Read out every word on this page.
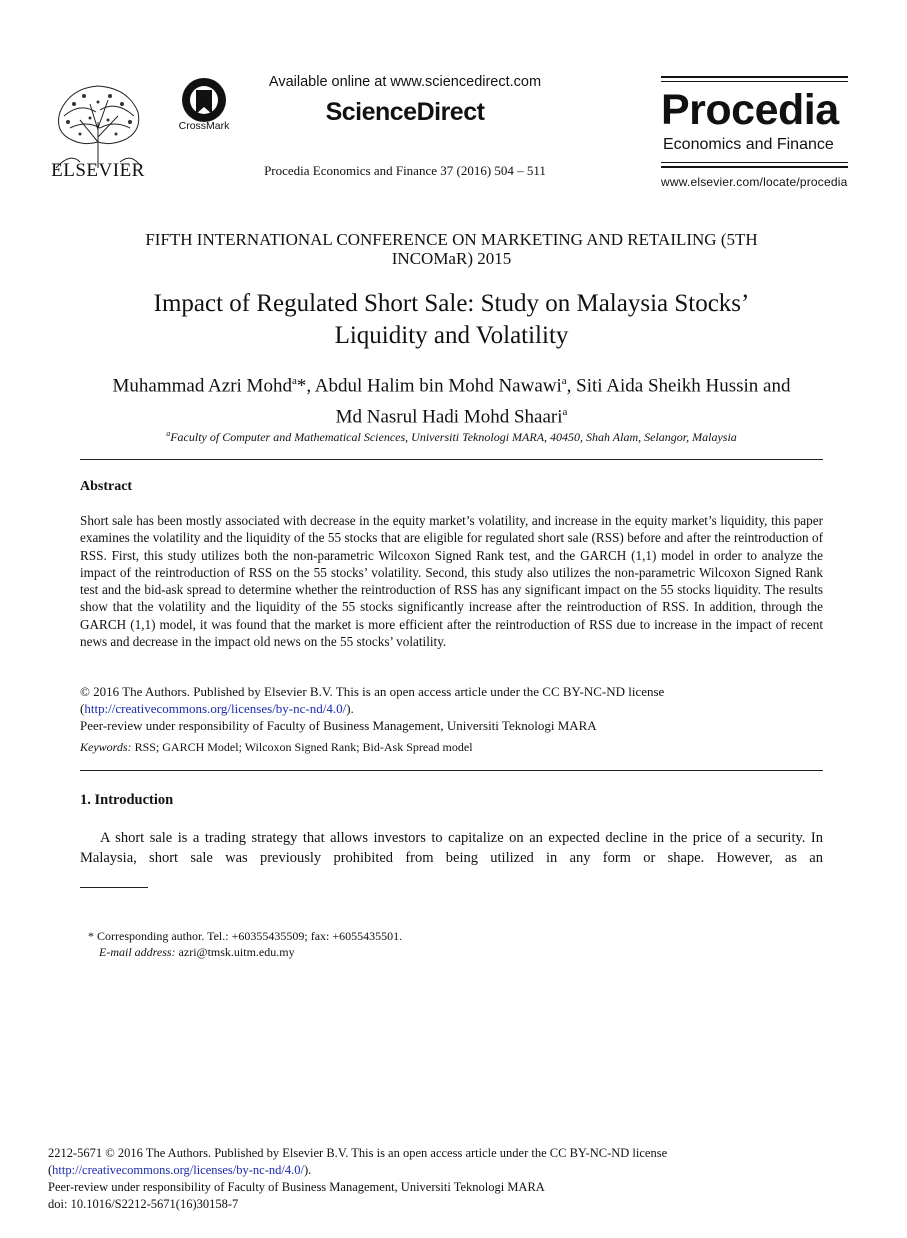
ELSEVIER
CrossMark
Available online at www.sciencedirect.com
ScienceDirect
Procedia Economics and Finance 37 (2016) 504 – 511
Procedia
Economics and Finance
www.elsevier.com/locate/procedia
FIFTH INTERNATIONAL CONFERENCE ON MARKETING AND RETAILING (5TH
INCOMaR) 2015
Impact of Regulated Short Sale: Study on Malaysia Stocks’
Liquidity and Volatility
Muhammad Azri Mohd$^a$*, Abdul Halim bin Mohd Nawawi$^a$, Siti Aida Sheikh Hussin and
Md Nasrul Hadi Mohd Shaari$^a$
$^a$Faculty of Computer and Mathematical Sciences, Universiti Teknologi MARA, 40450, Shah Alam, Selangor, Malaysia
Abstract
Short sale has been mostly associated with decrease in the equity market’s volatility, and increase in the equity market’s liquidity, this paper examines the volatility and the liquidity of the 55 stocks that are eligible for regulated short sale (RSS) before and after the reintroduction of RSS. First, this study utilizes both the non-parametric Wilcoxon Signed Rank test, and the GARCH (1,1) model in order to analyze the impact of the reintroduction of RSS on the 55 stocks’ volatility. Second, this study also utilizes the non-parametric Wilcoxon Signed Rank test and the bid-ask spread to determine whether the reintroduction of RSS has any significant impact on the 55 stocks liquidity. The results show that the volatility and the liquidity of the 55 stocks significantly increase after the reintroduction of RSS. In addition, through the GARCH (1,1) model, it was found that the market is more efficient after the reintroduction of RSS due to increase in the impact of recent news and decrease in the impact old news on the 55 stocks’ volatility.
© 2016 The Authors. Published by Elsevier B.V. This is an open access article under the CC BY-NC-ND license
(http://creativecommons.org/licenses/by-nc-nd/4.0/).
Peer-review under responsibility of Faculty of Business Management, Universiti Teknologi MARA
Keywords: RSS; GARCH Model; Wilcoxon Signed Rank; Bid-Ask Spread model
1. Introduction
A short sale is a trading strategy that allows investors to capitalize on an expected decline in the price of a security. In Malaysia, short sale was previously prohibited from being utilized in any form or shape. However, as an
* Corresponding author. Tel.: +60355435509; fax: +6055435501.
E-mail address: azri@tmsk.uitm.edu.my
2212-5671 © 2016 The Authors. Published by Elsevier B.V. This is an open access article under the CC BY-NC-ND license
(http://creativecommons.org/licenses/by-nc-nd/4.0/).
Peer-review under responsibility of Faculty of Business Management, Universiti Teknologi MARA
doi: 10.1016/S2212-5671(16)30158-7
